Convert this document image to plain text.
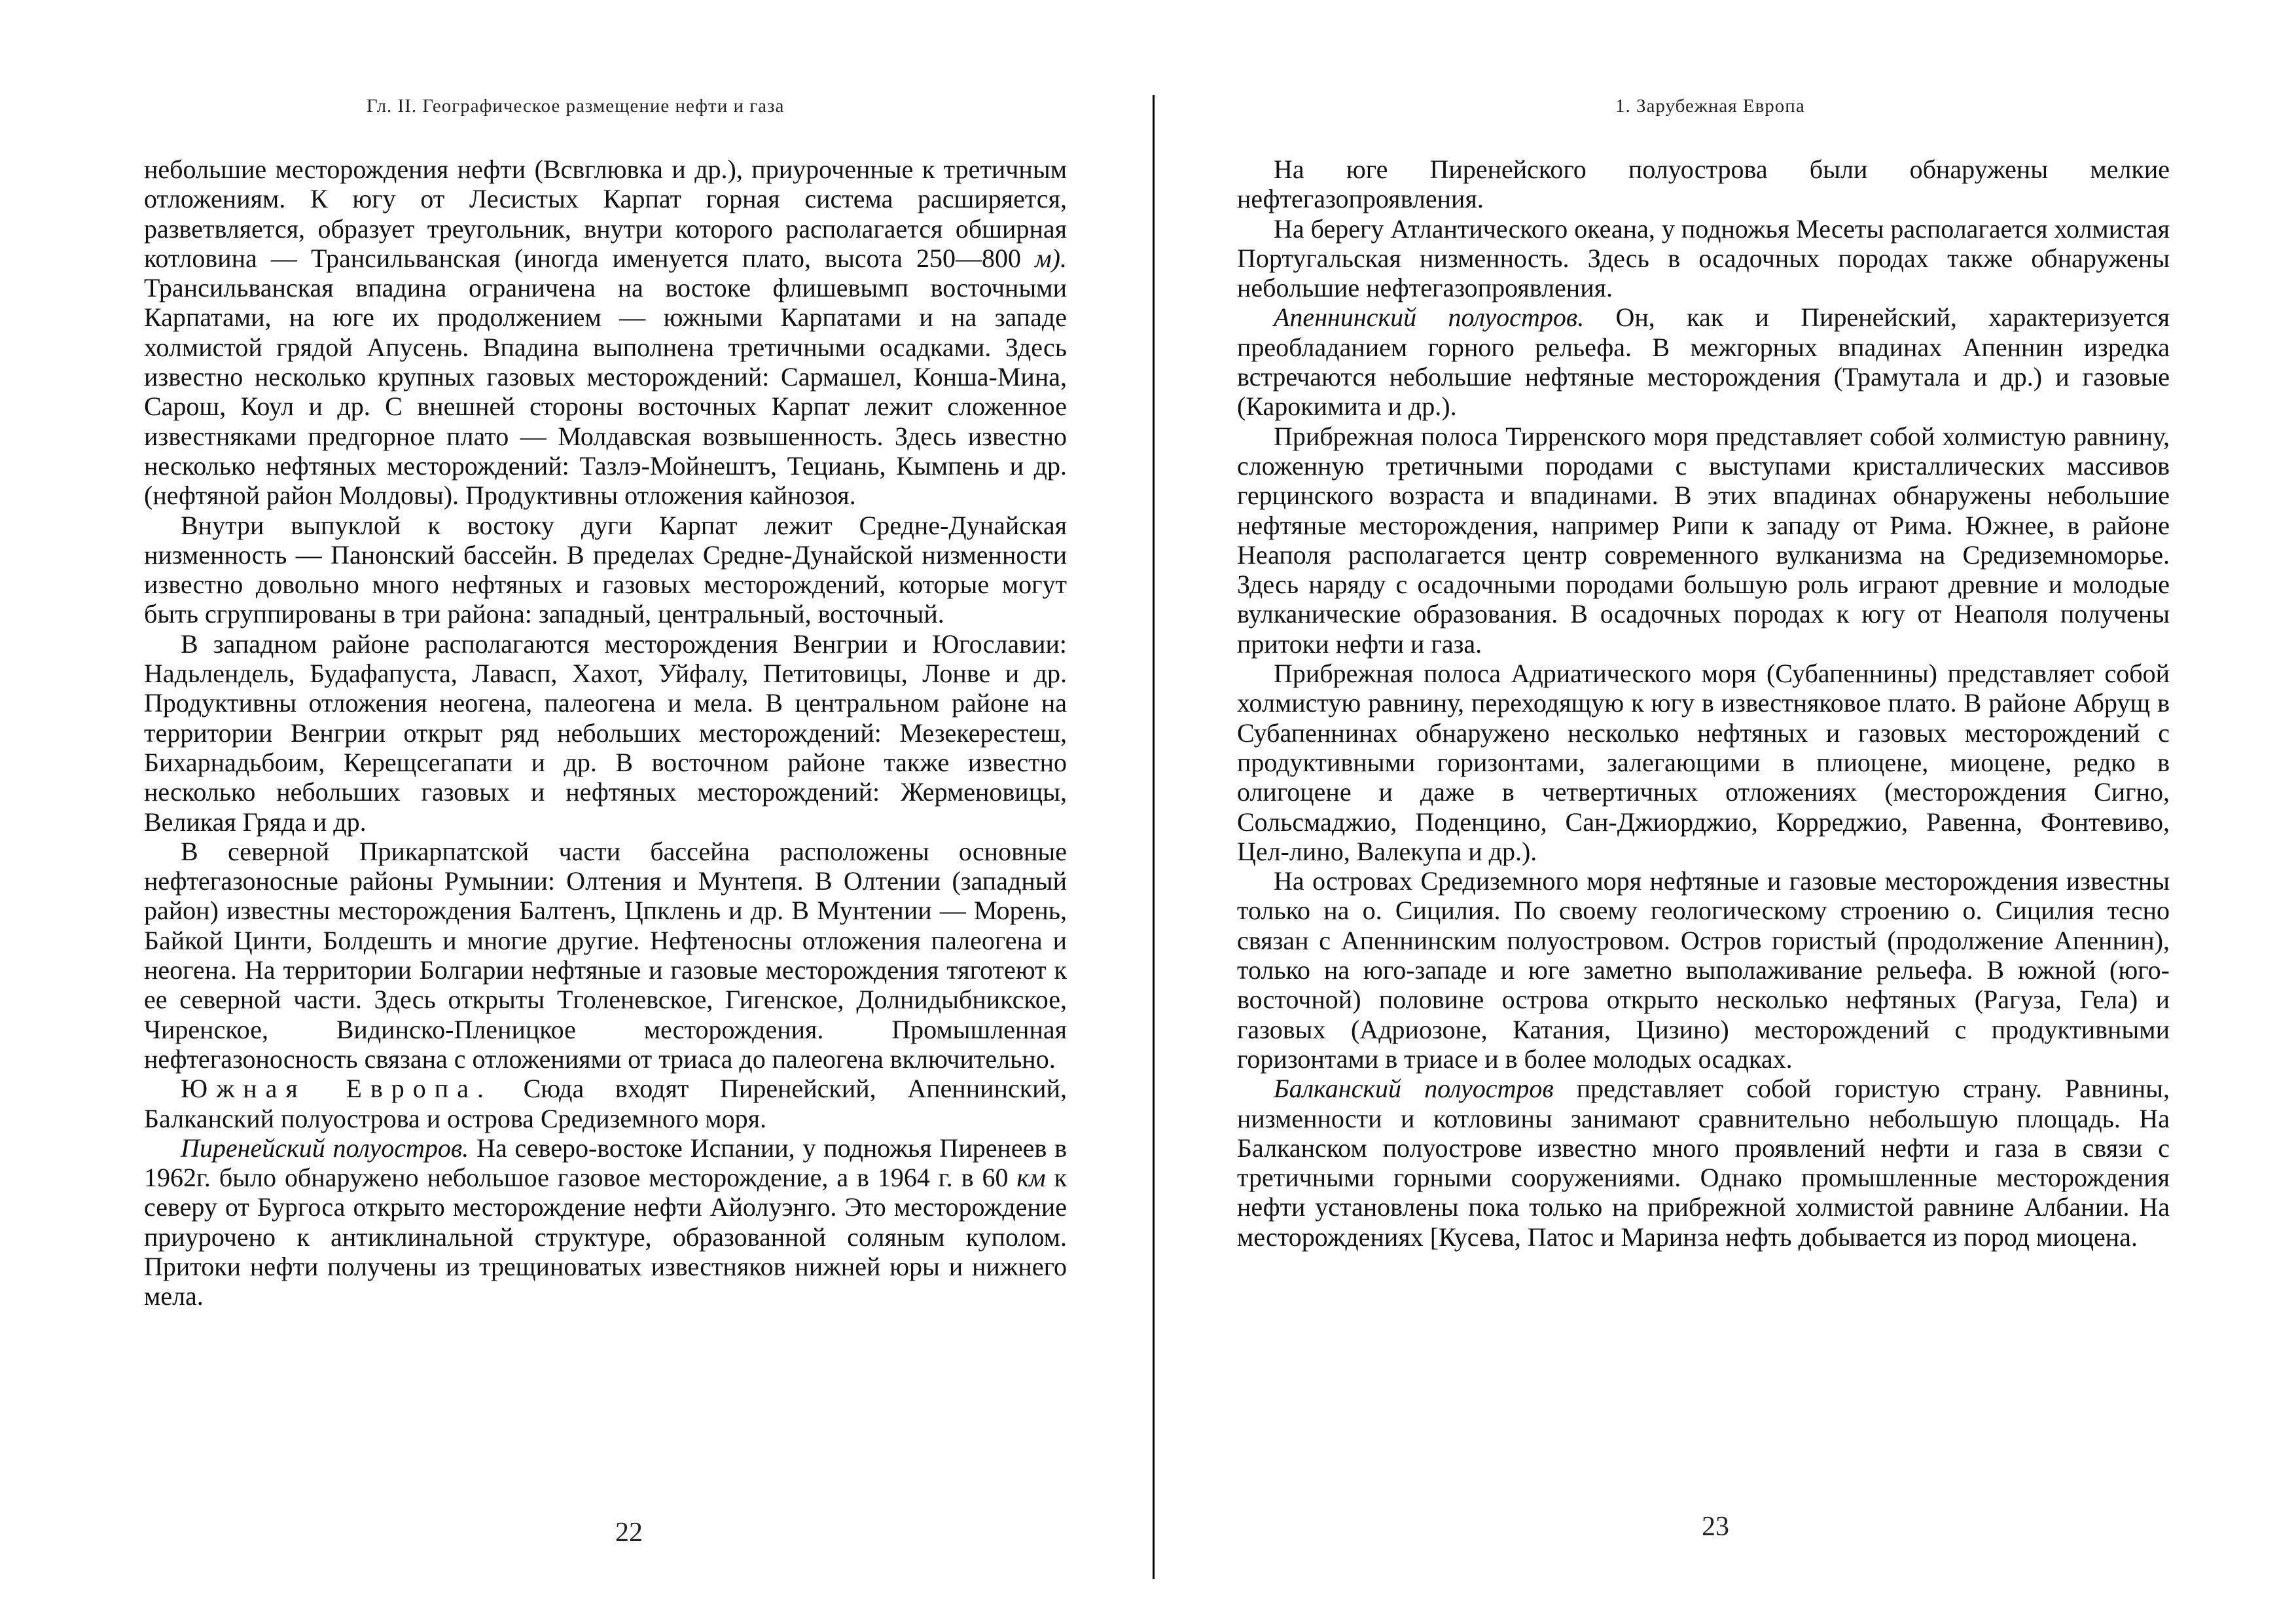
Гл. II. Географическое размещение нефти и газа

небольшие месторождения нефти (Всвглювка и др.), приуроченные к третичным отложениям. К югу от Лесистых Карпат горная система расширяется, разветвляется, образует треугольник, внутри которого располагается обширная котловина — Трансильванская (иногда именуется плато, высота 250—800 м). Трансильванская впадина ограничена на востоке флишевымп восточными Карпатами, на юге их продолжением — южными Карпатами и на западе холмистой грядой Апусень. Впадина выполнена третичными осадками. Здесь известно несколько крупных газовых месторождений: Сармашел, Конша-Мина, Сарош, Коул и др. С внешней стороны восточных Карпат лежит сложенное известняками предгорное плато — Молдавская возвышенность. Здесь известно несколько нефтяных месторождений: Тазлэ-Мойнештъ, Тециань, Кымпень и др. (нефтяной район Молдовы). Продуктивны отложения кайнозоя.

Внутри выпуклой к востоку дуги Карпат лежит Средне-Дунайская низменность — Панонский бассейн. В пределах Средне-Дунайской низменности известно довольно много нефтяных и газовых месторождений, которые могут быть сгруппированы в три района: западный, центральный, восточный.

В западном районе располагаются месторождения Венгрии и Югославии: Надьлендель, Будафапуста, Лавасп, Хахот, Уйфалу, Петитовицы, Лонве и др. Продуктивны отложения неогена, палеогена и мела. В центральном районе на территории Венгрии открыт ряд небольших месторождений: Мезекерестеш, Бихарнадьбоим, Керещсегапати и др. В восточном районе также известно несколько небольших газовых и нефтяных месторождений: Жерменовицы, Великая Гряда и др.

В северной Прикарпатской части бассейна расположены основные нефтегазоносные районы Румынии: Олтения и Мунтепя. В Олтении (западный район) известны месторождения Балтенъ, Цпклень и др. В Мунтении — Морень, Байкой Цинти, Болдешть и многие другие. Нефтеносны отложения палеогена и неогена. На территории Болгарии нефтяные и газовые месторождения тяготеют к ее северной части. Здесь открыты Тголеневское, Гигенское, Долнидыбникское, Чиренское, Видинско-Пленицкое месторождения. Промышленная нефтегазоносность связана с отложениями от триаса до палеогена включительно.

Южная Европа. Сюда входят Пиренейский, Апеннинский, Балканский полуострова и острова Средиземного моря.

Пиренейский полуостров. На северо-востоке Испании, у подножья Пиренеев в 1962г. было обнаружено небольшое газовое месторождение, а в 1964 г. в 60 км к северу от Бургоса открыто месторождение нефти Айолуэнго. Это месторождение приурочено к антиклинальной структуре, образованной соляным куполом. Притоки нефти получены из трещиноватых известняков нижней юры и нижнего мела.

22
1. Зарубежная Европа

На юге Пиренейского полуострова были обнаружены мелкие нефтегазопроявления.

На берегу Атлантического океана, у подножья Месеты располагается холмистая Португальская низменность. Здесь в осадочных породах также обнаружены небольшие нефтегазопроявления.

Апеннинский полуостров. Он, как и Пиренейский, характеризуется преобладанием горного рельефа. В межгорных впадинах Апеннин изредка встречаются небольшие нефтяные месторождения (Трамутала и др.) и газовые (Карокимита и др.).

Прибрежная полоса Тирренского моря представляет собой холмистую равнину, сложенную третичными породами с выступами кристаллических массивов герцинского возраста и впадинами. В этих впадинах обнаружены небольшие нефтяные месторождения, например Рипи к западу от Рима. Южнее, в районе Неаполя располагается центр современного вулканизма на Средиземноморье. Здесь наряду с осадочными породами большую роль играют древние и молодые вулканические образования. В осадочных породах к югу от Неаполя получены притоки нефти и газа.

Прибрежная полоса Адриатического моря (Субапеннины) представляет собой холмистую равнину, переходящую к югу в известняковое плато. В районе Абрущ в Субапеннинах обнаружено несколько нефтяных и газовых месторождений с продуктивными горизонтами, залегающими в плиоцене, миоцене, редко в олигоцене и даже в четвертичных отложениях (месторождения Сигно, Сольсмаджио, Поденцино, Сан-Джиорджио, Корреджио, Равенна, Фонтевиво, Цел-лино, Валекупа и др.).

На островах Средиземного моря нефтяные и газовые месторождения известны только на о. Сицилия. По своему геологическому строению о. Сицилия тесно связан с Апеннинским полуостровом. Остров гористый (продолжение Апеннин), только на юго-западе и юге заметно выполаживание рельефа. В южной (юго-восточной) половине острова открыто несколько нефтяных (Рагуза, Гела) и газовых (Адриозоне, Катания, Цизино) месторождений с продуктивными горизонтами в триасе и в более молодых осадках.

Балканский полуостров представляет собой гористую страну. Равнины, низменности и котловины занимают сравнительно небольшую площадь. На Балканском полуострове известно много проявлений нефти и газа в связи с третичными горными сооружениями. Однако промышленные месторождения нефти установлены пока только на прибрежной холмистой равнине Албании. На месторождениях [Кусева, Патос и Маринза нефть добывается из пород миоцена.

23
